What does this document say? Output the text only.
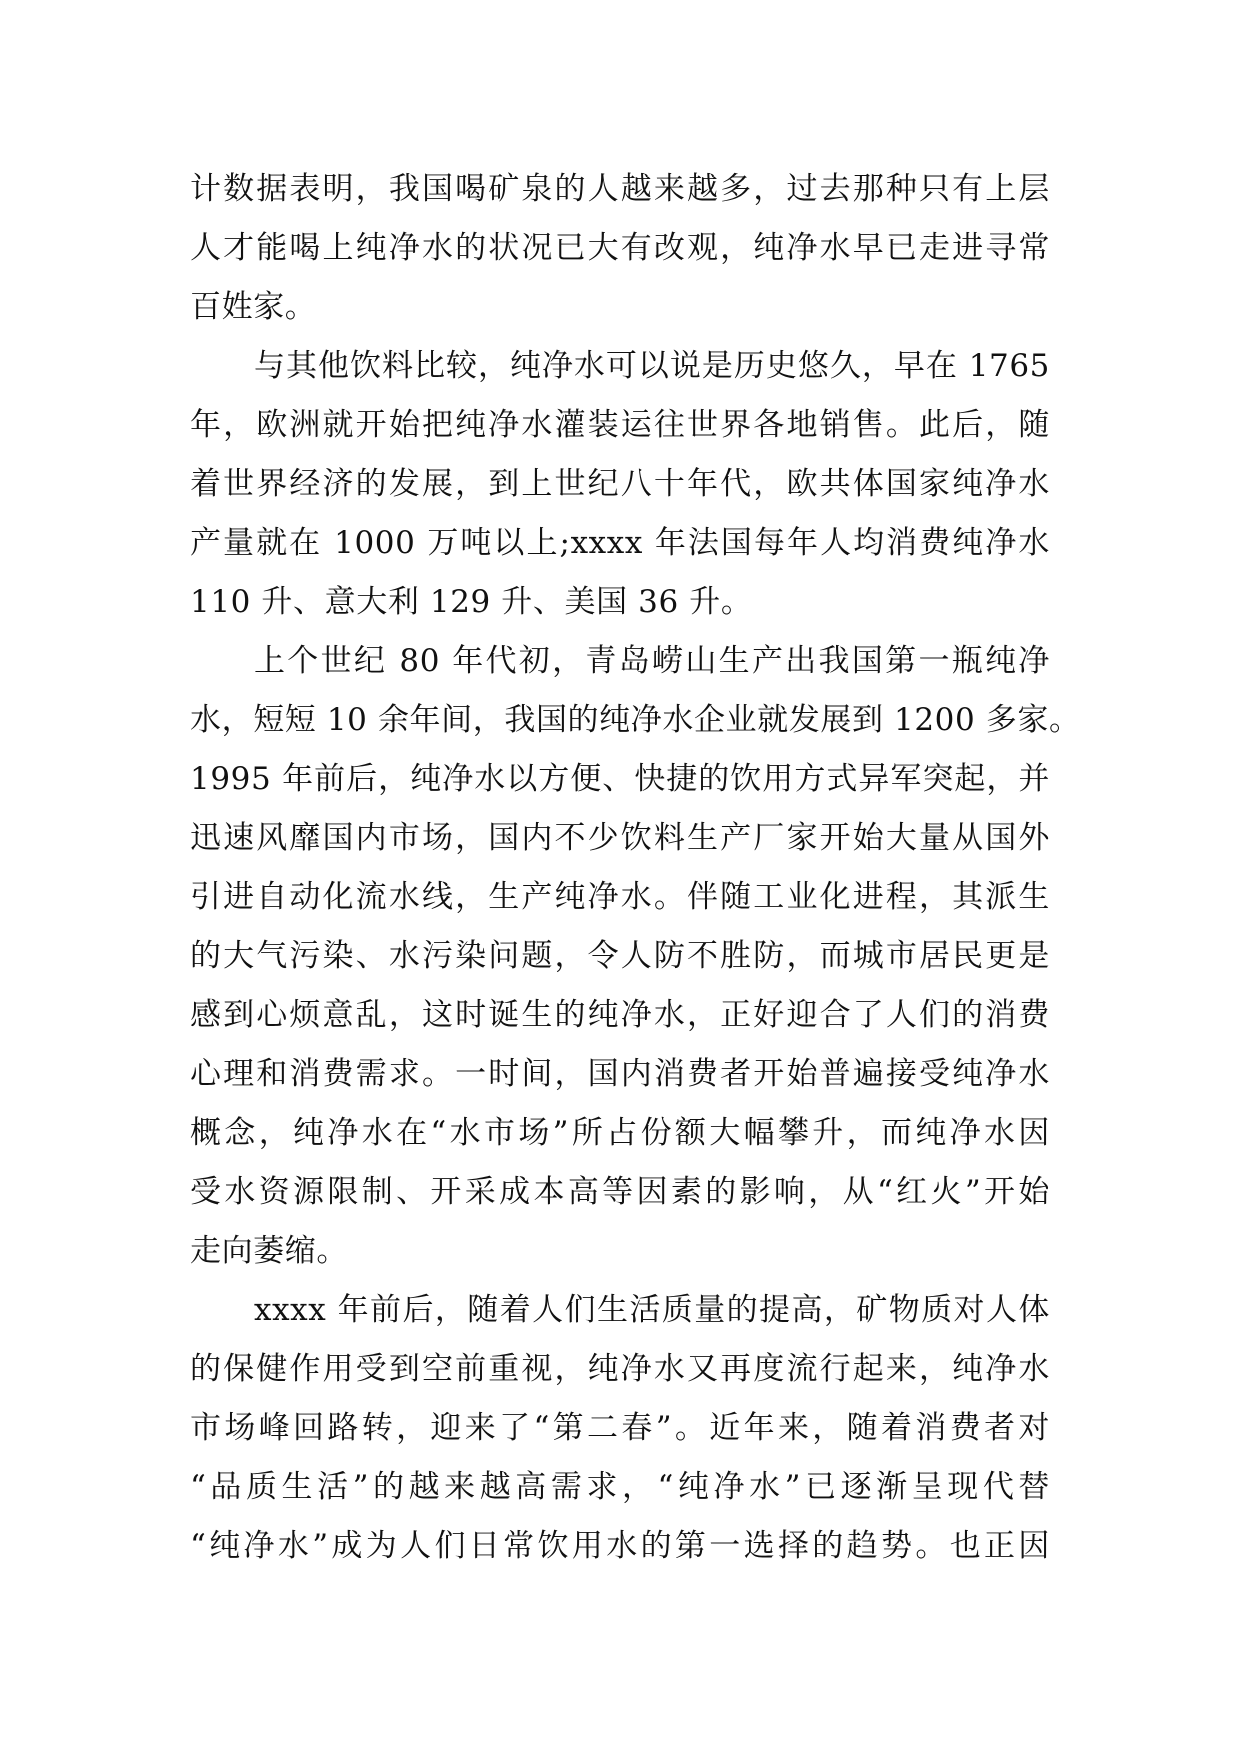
计数据表明，我国喝矿泉的人越来越多，过去那种只有上层
人才能喝上纯净水的状况已大有改观，纯净水早已走进寻常
百姓家。
与其他饮料比较，纯净水可以说是历史悠久，早在 1765
年，欧洲就开始把纯净水灌装运往世界各地销售。此后，随
着世界经济的发展，到上世纪八十年代，欧共体国家纯净水
产量就在 1000 万吨以上;xxxx 年法国每年人均消费纯净水
110 升、意大利 129 升、美国 36 升。
上个世纪 80 年代初，青岛崂山生产出我国第一瓶纯净
水，短短 10 余年间，我国的纯净水企业就发展到 1200 多家。
1995 年前后，纯净水以方便、快捷的饮用方式异军突起，并
迅速风靡国内市场，国内不少饮料生产厂家开始大量从国外
引进自动化流水线，生产纯净水。伴随工业化进程，其派生
的大气污染、水污染问题，令人防不胜防，而城市居民更是
感到心烦意乱，这时诞生的纯净水，正好迎合了人们的消费
心理和消费需求。一时间，国内消费者开始普遍接受纯净水
概念，纯净水在“水市场”所占份额大幅攀升，而纯净水因
受水资源限制、开采成本高等因素的影响，从“红火”开始
走向萎缩。
xxxx 年前后，随着人们生活质量的提高，矿物质对人体
的保健作用受到空前重视，纯净水又再度流行起来，纯净水
市场峰回路转，迎来了“第二春”。近年来，随着消费者对
“品质生活”的越来越高需求，“纯净水”已逐渐呈现代替
“纯净水”成为人们日常饮用水的第一选择的趋势。也正因
